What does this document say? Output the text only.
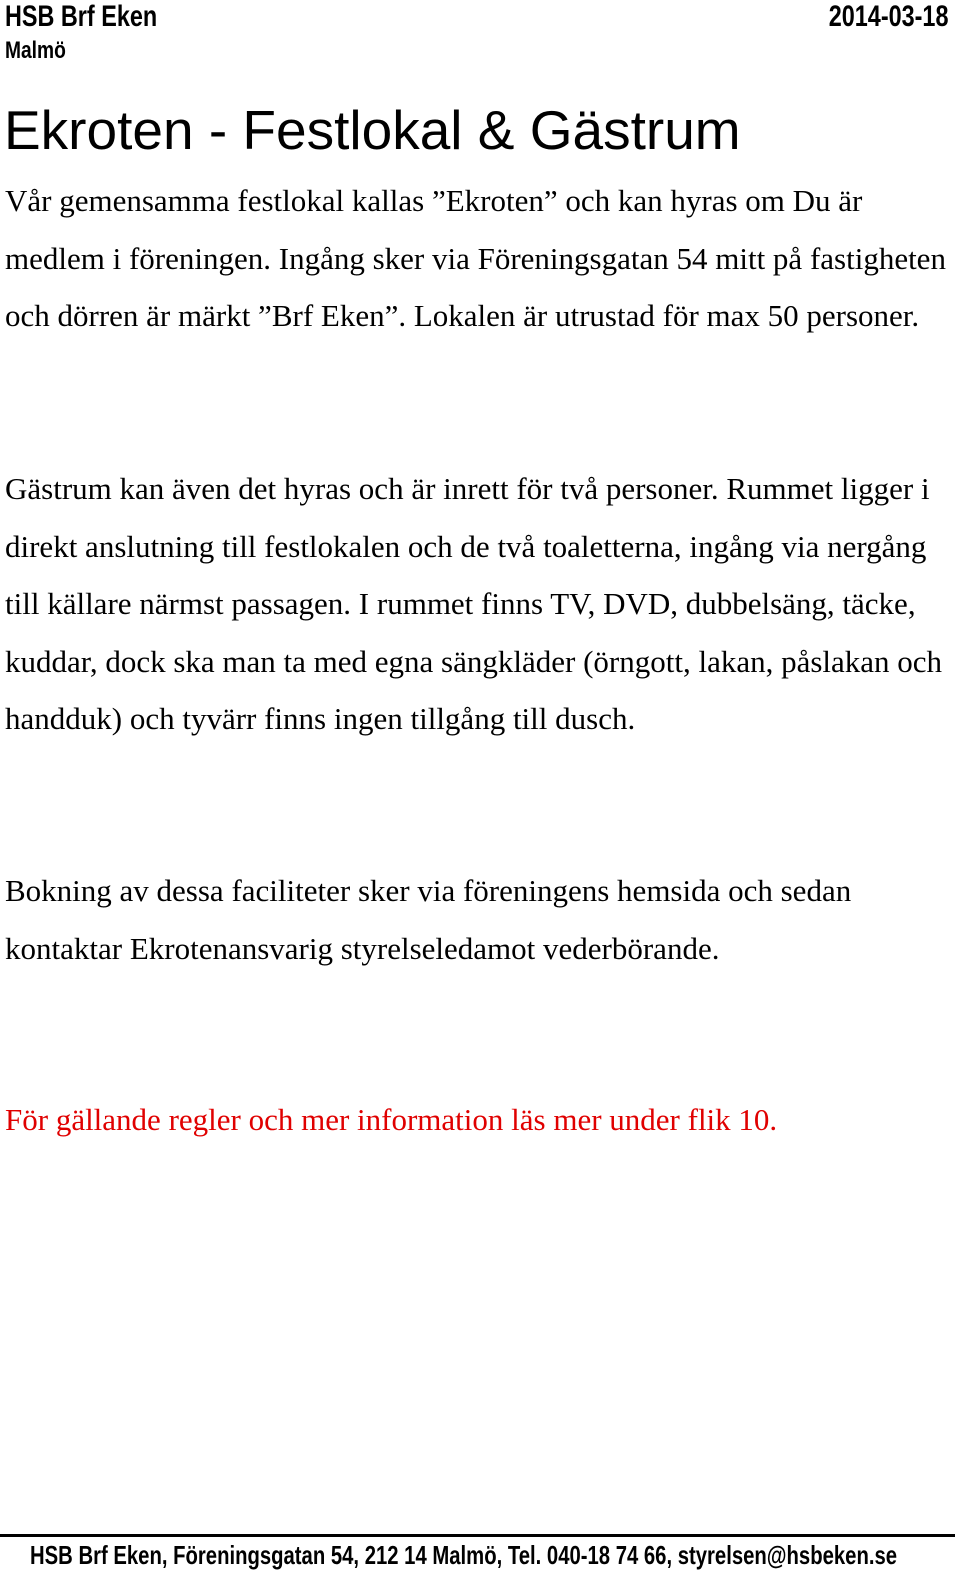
HSB Brf Eken
Malmö
2014-03-18
Ekroten - Festlokal & Gästrum

Vår gemensamma festlokal kallas ”Ekroten” och kan hyras om Du är medlem i föreningen. Ingång sker via Föreningsgatan 54 mitt på fastigheten och dörren är märkt ”Brf Eken”. Lokalen är utrustad för max 50 personer.

Gästrum kan även det hyras och är inrett för två personer. Rummet ligger i direkt anslutning till festlokalen och de två toaletterna, ingång via nergång till källare närmst passagen. I rummet finns TV, DVD, dubbelsäng, täcke, kuddar, dock ska man ta med egna sängkläder (örngott, lakan, påslakan och handduk) och tyvärr finns ingen tillgång till dusch.

Bokning av dessa faciliteter sker via föreningens hemsida och sedan kontaktar Ekrotenansvarig styrelseledamot vederbörande.

För gällande regler och mer information läs mer under flik 10.

HSB Brf Eken, Föreningsgatan 54, 212 14 Malmö, Tel. 040-18 74 66, styrelsen@hsbeken.se
